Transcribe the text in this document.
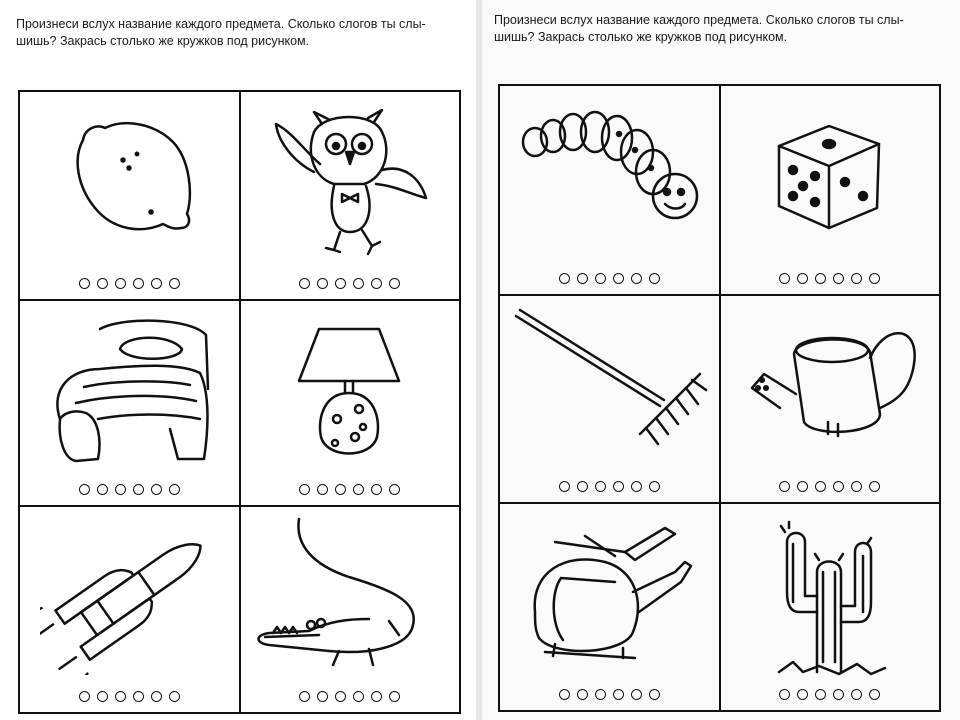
Произнеси вслух название каждого предмета. Сколько слогов ты слы-
шишь? Закрась столько же кружков под рисунком.

Произнеси вслух название каждого предмета. Сколько слогов ты слы-
шишь? Закрась столько же кружков под рисунком.
